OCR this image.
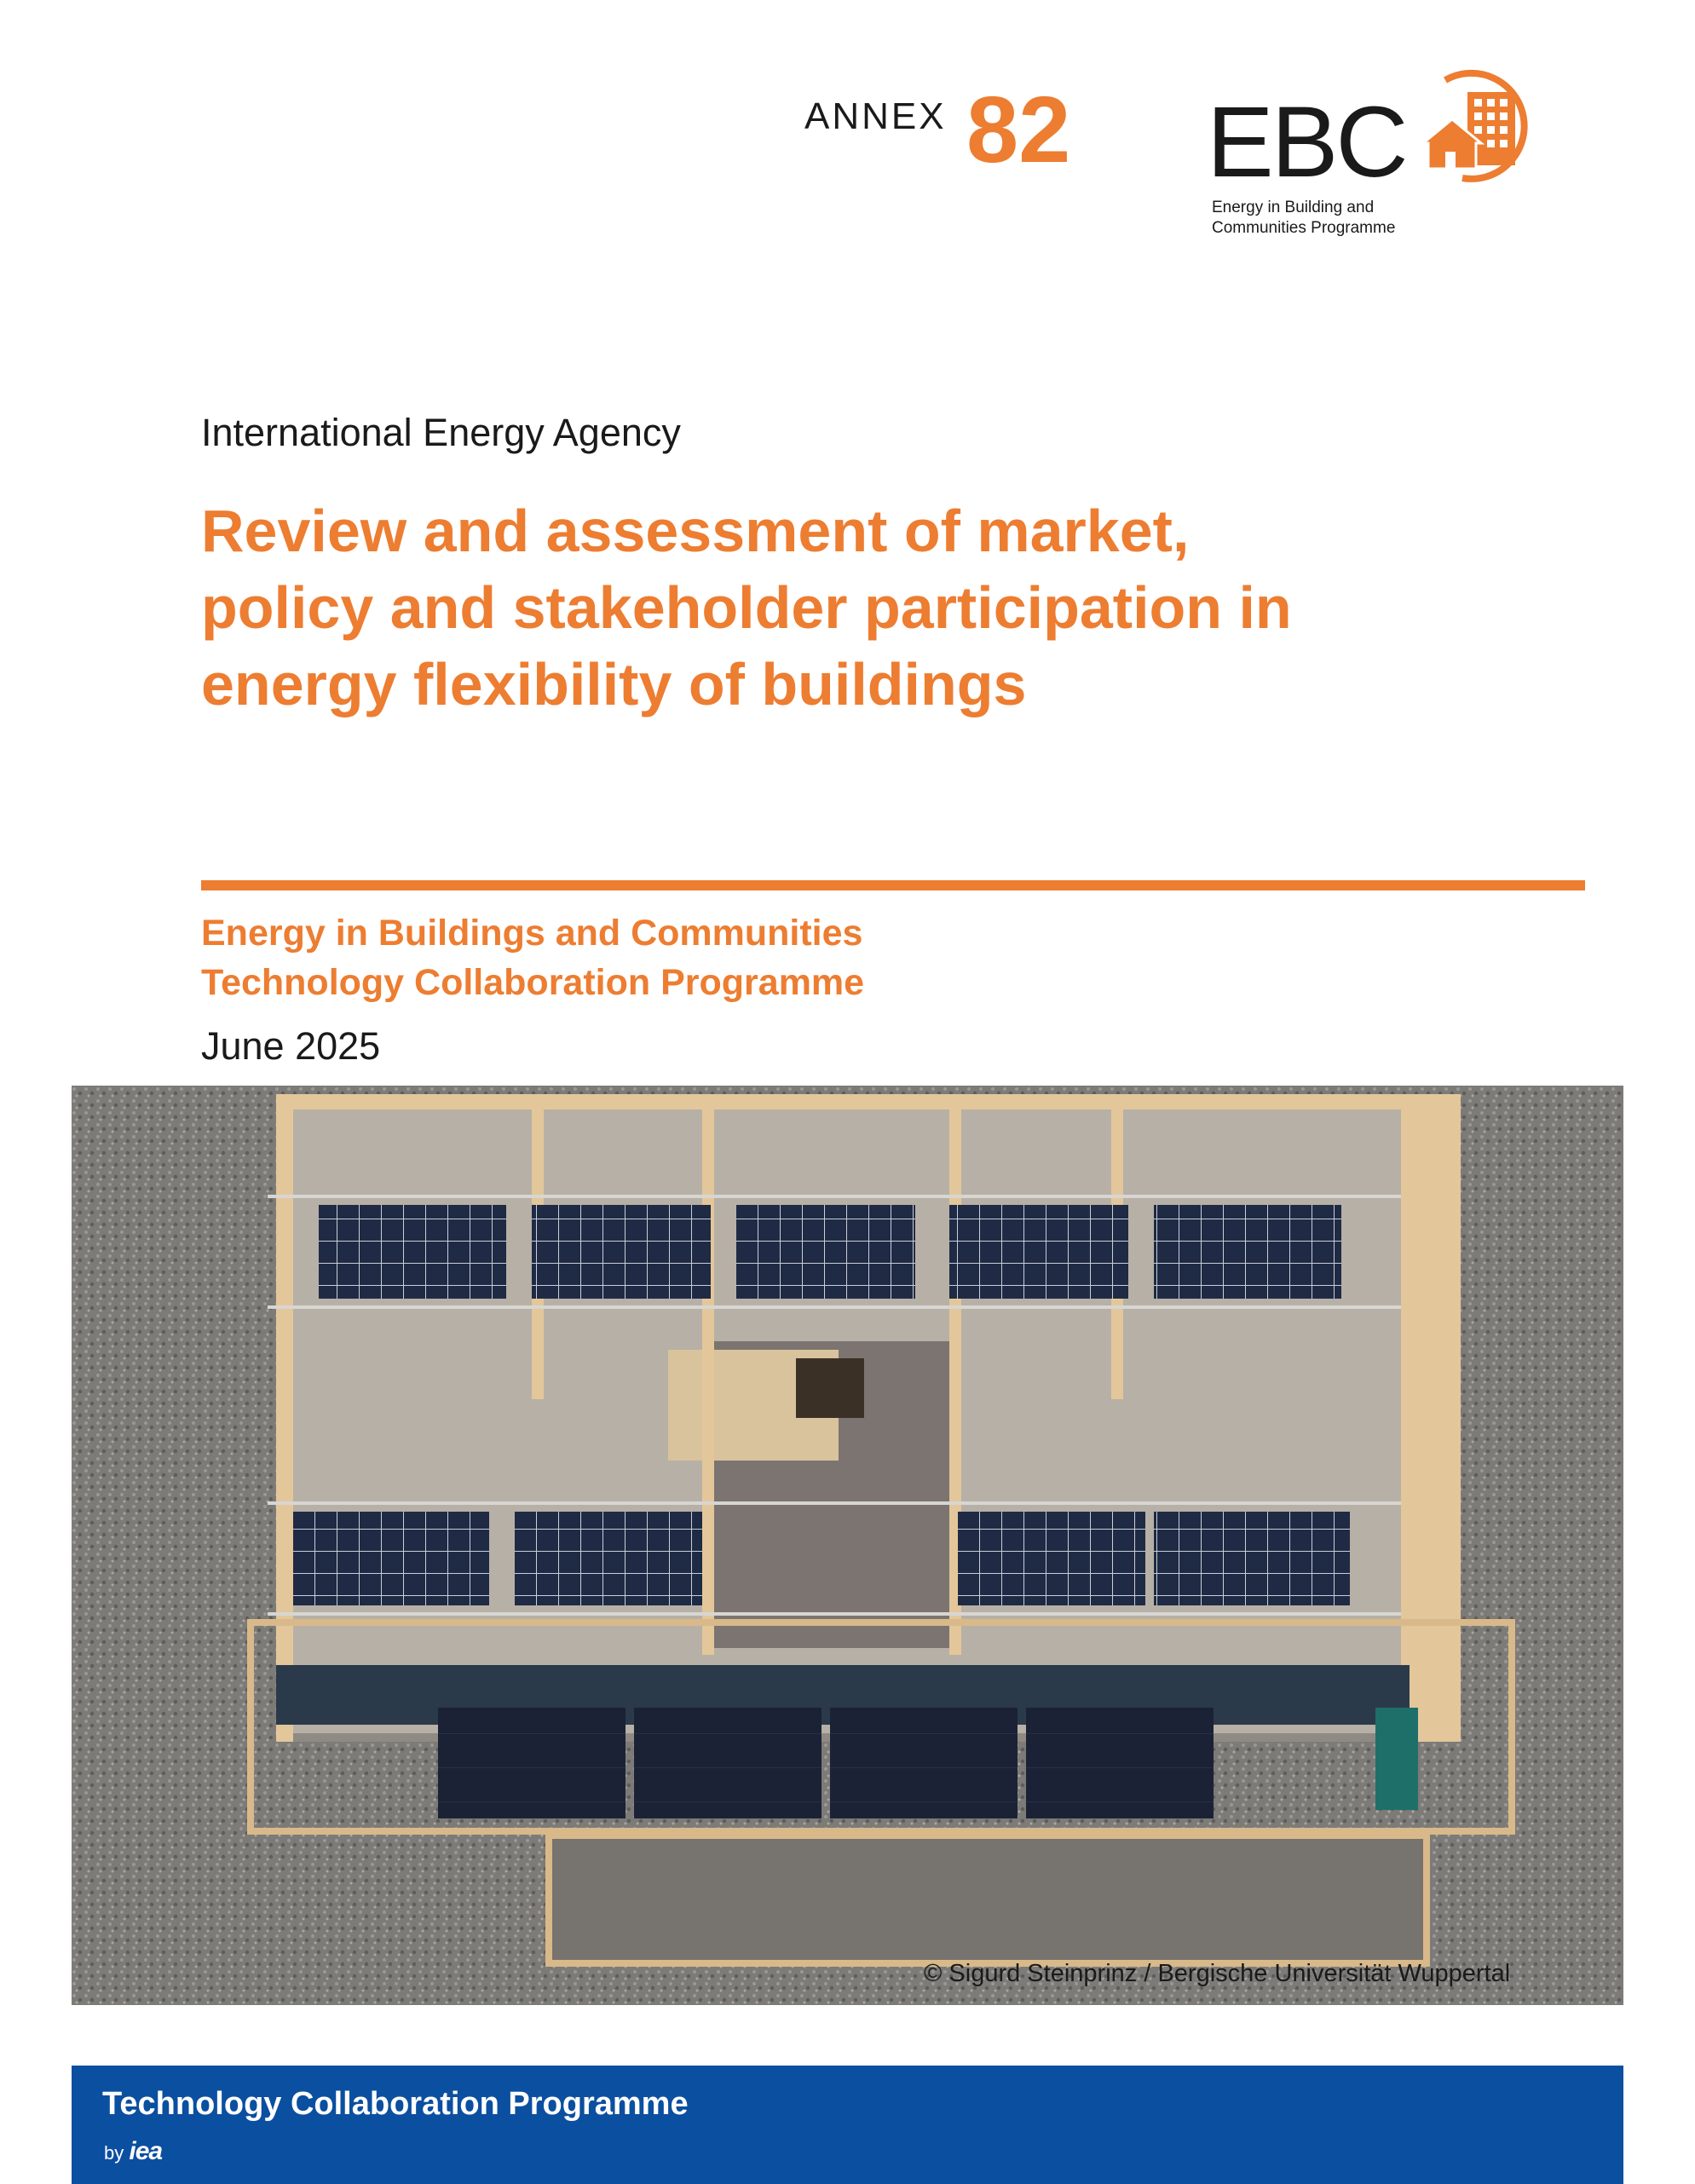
ANNEX 82 EBC
Energy in Building and
Communities Programme
International Energy Agency
Review and assessment of market,
policy and stakeholder participation in
energy flexibility of buildings
Energy in Buildings and Communities
Technology Collaboration Programme
June 2025
© Sigurd Steinprinz / Bergische Universität Wuppertal
Technology Collaboration Programme
by iea
